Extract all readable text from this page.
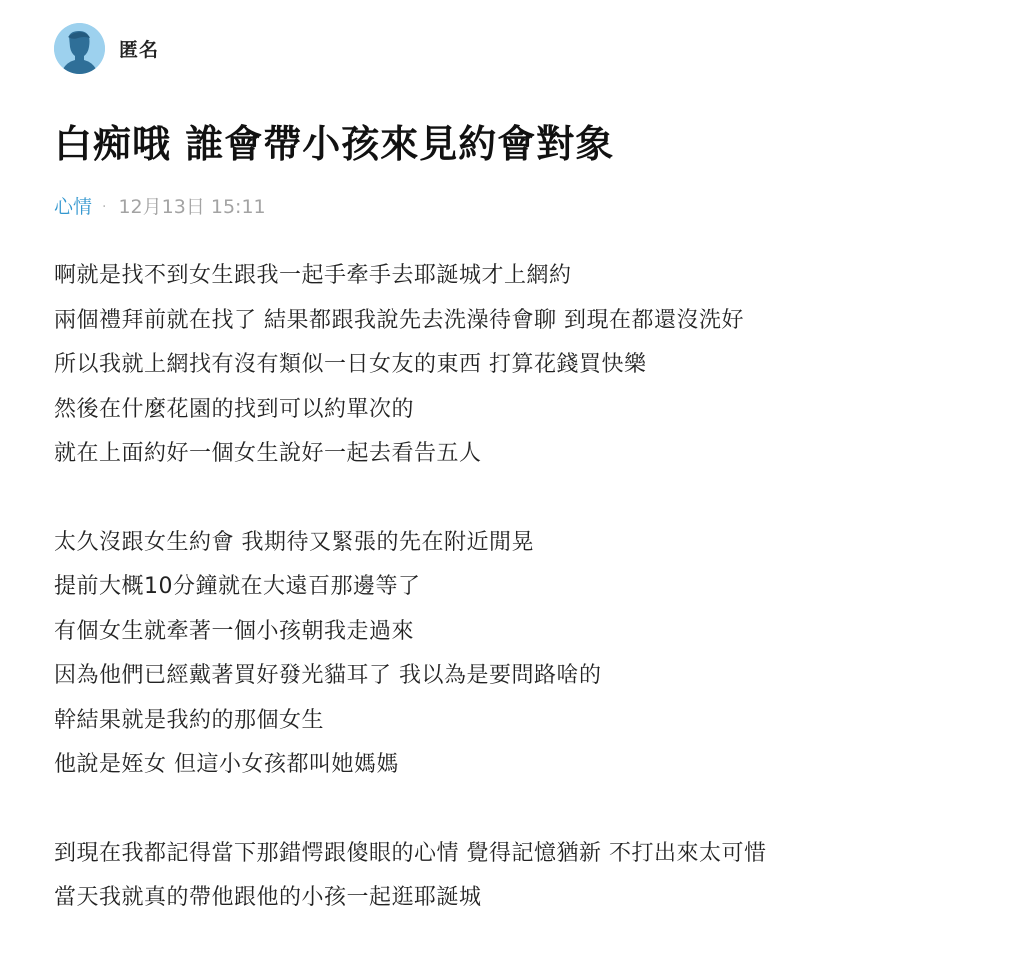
匿名
白痴哦 誰會帶小孩來見約會對象
心情 · 12月13日 15:11
啊就是找不到女生跟我一起手牽手去耶誕城才上網約
兩個禮拜前就在找了 結果都跟我說先去洗澡待會聊 到現在都還沒洗好
所以我就上網找有沒有類似一日女友的東西 打算花錢買快樂
然後在什麼花園的找到可以約單次的
就在上面約好一個女生說好一起去看告五人
太久沒跟女生約會 我期待又緊張的先在附近閒晃
提前大概10分鐘就在大遠百那邊等了
有個女生就牽著一個小孩朝我走過來
因為他們已經戴著買好發光貓耳了 我以為是要問路啥的
幹結果就是我約的那個女生
他說是姪女 但這小女孩都叫她媽媽
到現在我都記得當下那錯愕跟傻眼的心情 覺得記憶猶新 不打出來太可惜
當天我就真的帶他跟他的小孩一起逛耶誕城
